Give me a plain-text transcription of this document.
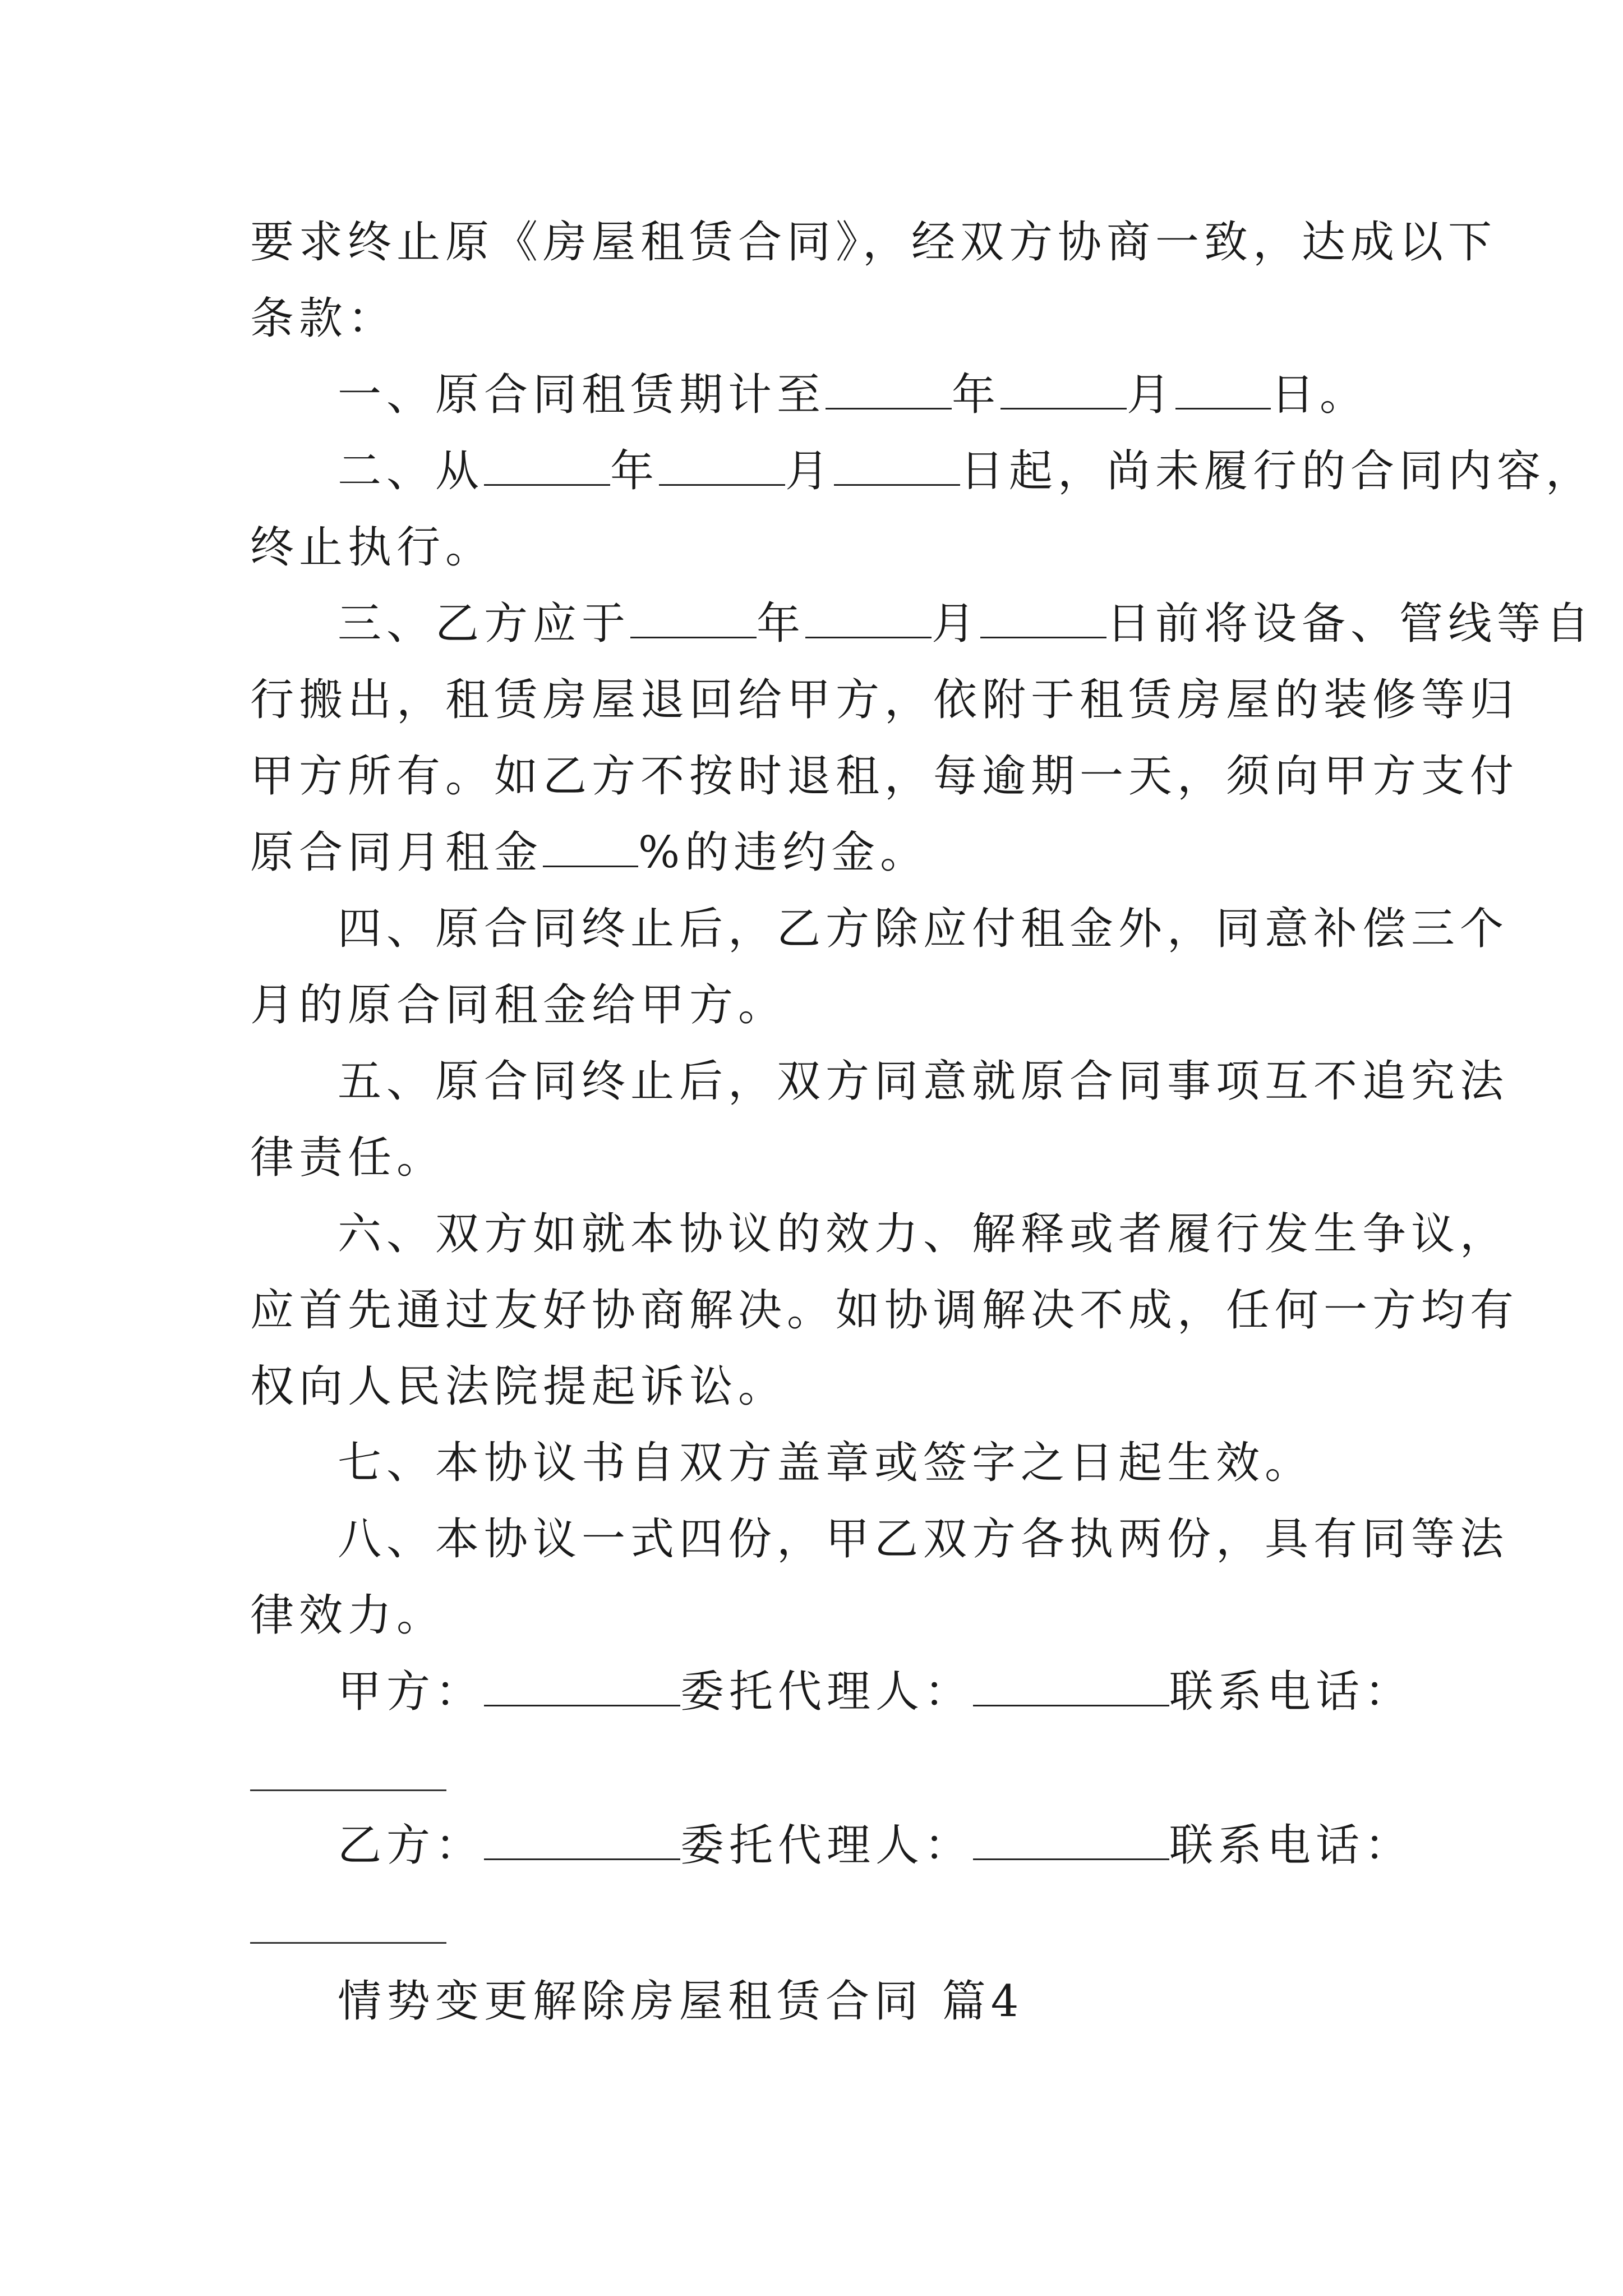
要求终止原《房屋租赁合同》，经双方协商一致，达成以下
条款：
一、原合同租赁期计至	年	月 日。
二、从	年	月	日起，尚未履行的合同内容，
终止执行。
三、乙方应于	年	月	日前将设备、管线等自
行搬出，租赁房屋退回给甲方，依附于租赁房屋的装修等归
甲方所有。如乙方不按时退租，每逾期一天，须向甲方支付
原合同月租金 %的违约金。
四、原合同终止后，乙方除应付租金外，同意补偿三个
月的原合同租金给甲方。
五、原合同终止后，双方同意就原合同事项互不追究法
律责任。
六、双方如就本协议的效力、解释或者履行发生争议，
应首先通过友好协商解决。如协调解决不成，任何一方均有
权向人民法院提起诉讼。
七、本协议书自双方盖章或签字之日起生效。
八、本协议一式四份，甲乙双方各执两份，具有同等法
律效力。
甲方：	委托代理人：	联系电话：
乙方：	委托代理人：	联系电话：
情势变更解除房屋租赁合同 篇4
